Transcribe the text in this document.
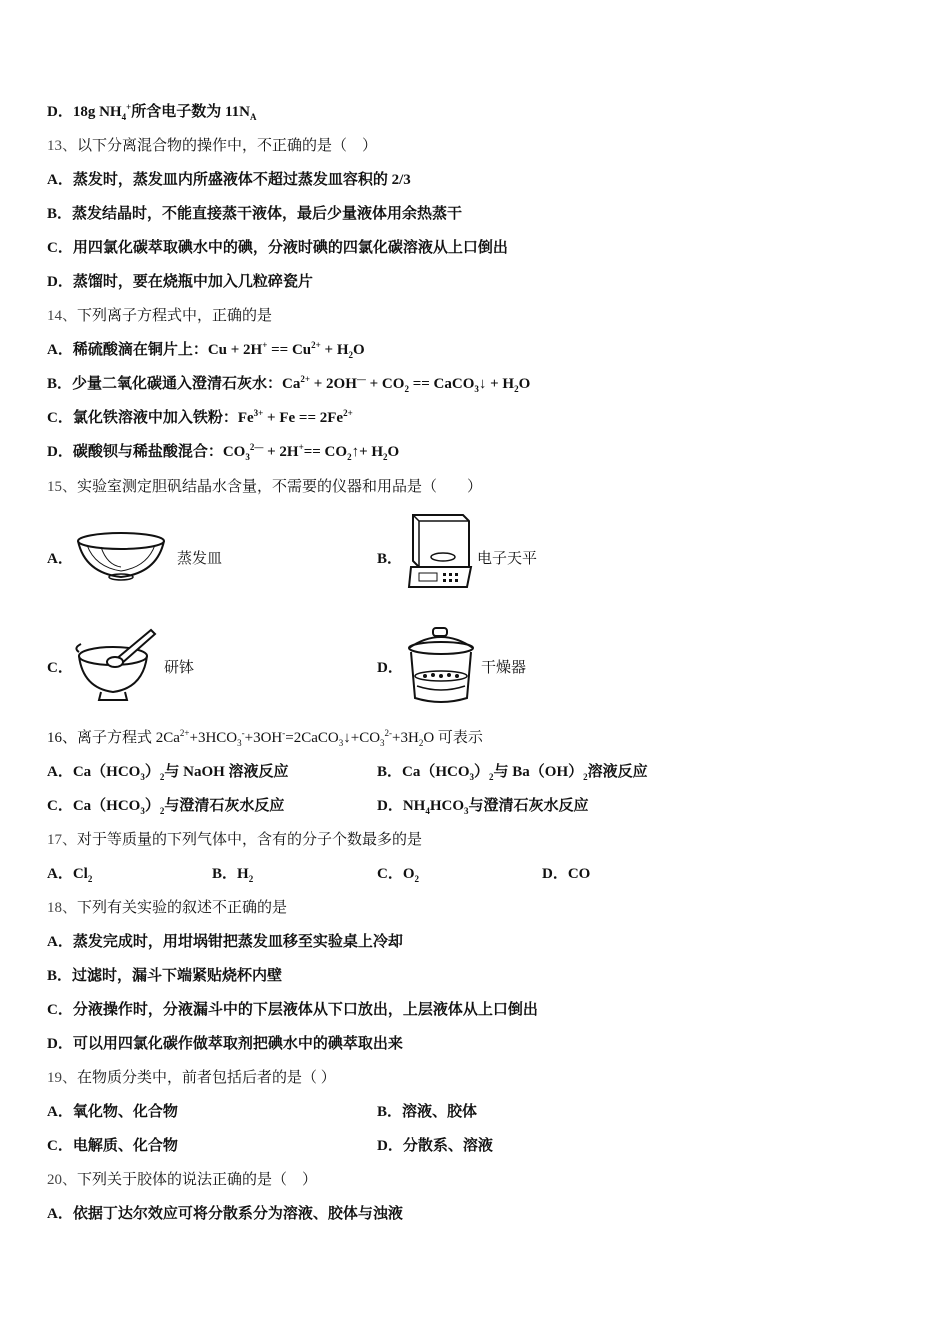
D．18g $NH_4^+$所含电子数为 $11N_A$
13、以下分离混合物的操作中，不正确的是（　）
A．蒸发时，蒸发皿内所盛液体不超过蒸发皿容积的 2/3
B．蒸发结晶时，不能直接蒸干液体，最后少量液体用余热蒸干
C．用四氯化碳萃取碘水中的碘，分液时碘的四氯化碳溶液从上口倒出
D．蒸馏时，要在烧瓶中加入几粒碎瓷片
14、下列离子方程式中，正确的是
A．稀硫酸滴在铜片上：$Cu + 2H^+ == Cu^{2+} + H_2O$
B．少量二氧化碳通入澄清石灰水：$Ca^{2+} + 2OH^— + CO_2$ == CaCO$_3$↓ + $H_2O$
C．氯化铁溶液中加入铁粉：$Fe^{3+} + Fe == 2Fe^{2+}$
D．碳酸钡与稀盐酸混合：$CO_3^{2—} + 2H^+==$ $CO_2↑+ H_2O$
15、实验室测定胆矾结晶水含量，不需要的仪器和用品是（　　）
A．	蒸发皿	B．	电子天平
C．	研钵	D．	干燥器
16、离子方程式 $2Ca^{2+}+3HCO_3^-+3OH^-=2CaCO_3↓+CO_3^{2-}+3H_2O$ 可表示
A．$Ca(HCO_3)_2$与 NaOH 溶液反应	B．$Ca(HCO_3)_2$与 $Ba(OH)_2$溶液反应
C．$Ca(HCO_3)_2$与澄清石灰水反应	D．$NH_4HCO_3$与澄清石灰水反应
17、对于等质量的下列气体中，含有的分子个数最多的是
A．$Cl_2$	B．$H_2$	C．$O_2$	D．CO
18、下列有关实验的叙述不正确的是
A．蒸发完成时，用坩埚钳把蒸发皿移至实验桌上冷却
B．过滤时，漏斗下端紧贴烧杯内壁
C．分液操作时，分液漏斗中的下层液体从下口放出，上层液体从上口倒出
D．可以用四氯化碳作做萃取剂把碘水中的碘萃取出来
19、在物质分类中，前者包括后者的是（ ）
A．氧化物、化合物	B．溶液、胶体
C．电解质、化合物	D．分散系、溶液
20、下列关于胶体的说法正确的是（　）
A．依据丁达尔效应可将分散系分为溶液、胶体与浊液
